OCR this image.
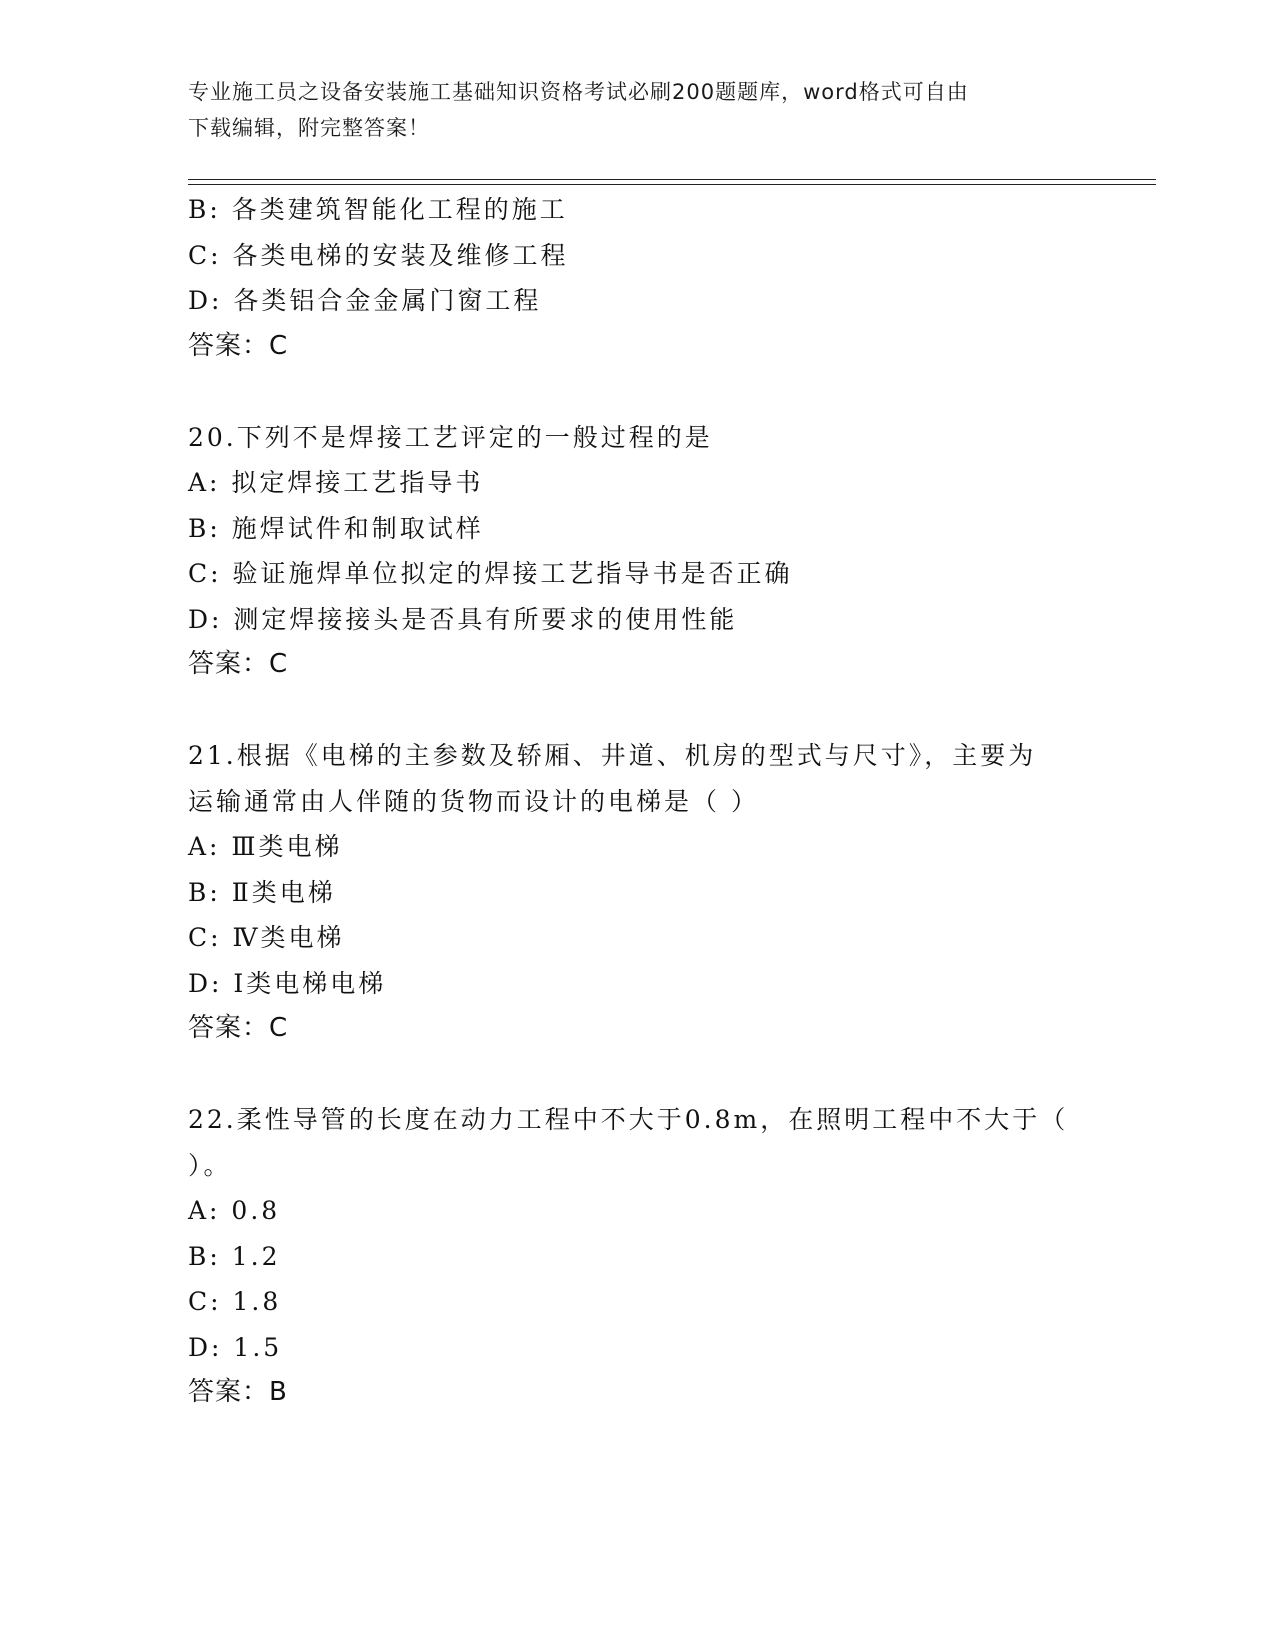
专业施工员之设备安装施工基础知识资格考试必刷200题题库，word格式可自由
下载编辑，附完整答案！
B: 各类建筑智能化工程的施工
C: 各类电梯的安装及维修工程
D: 各类铝合金金属门窗工程
答案：C
20.下列不是焊接工艺评定的一般过程的是
A: 拟定焊接工艺指导书
B: 施焊试件和制取试样
C: 验证施焊单位拟定的焊接工艺指导书是否正确
D: 测定焊接接头是否具有所要求的使用性能
答案：C
21.根据《电梯的主参数及轿厢、井道、机房的型式与尺寸》，主要为
运输通常由人伴随的货物而设计的电梯是（ ）
A: Ⅲ类电梯
B: Ⅱ类电梯
C: Ⅳ类电梯
D: Ⅰ类电梯电梯
答案：C
22.柔性导管的长度在动力工程中不大于0.8m，在照明工程中不大于（
）。
A: 0.8
B: 1.2
C: 1.8
D: 1.5
答案：B
